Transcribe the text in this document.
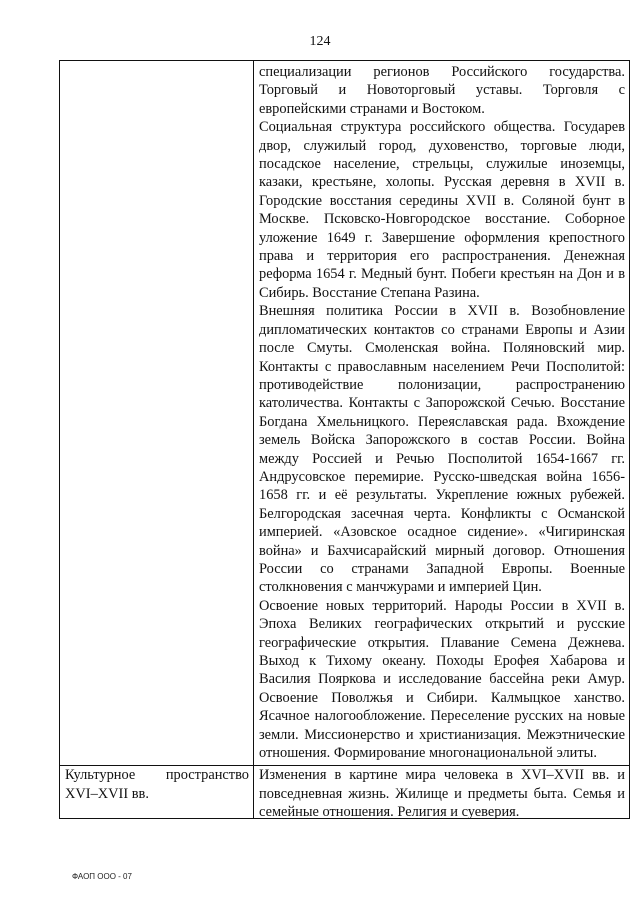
124

	специализации регионов Российского государства. Торговый и Новоторговый уставы. Торговля с европейскими странами и Востоком.

Социальная структура российского общества. Государев двор, служилый город, духовенство, торговые люди, посадское население, стрельцы, служилые иноземцы, казаки, крестьяне, холопы. Русская деревня в XVII в. Городские восстания середины XVII в. Соляной бунт в Москве. Псковско-Новгородское восстание. Соборное уложение 1649 г. Завершение оформления крепостного права и территория его распространения. Денежная реформа 1654 г. Медный бунт. Побеги крестьян на Дон и в Сибирь. Восстание Степана Разина.

Внешняя политика России в XVII в. Возобновление дипломатических контактов со странами Европы и Азии после Смуты. Смоленская война. Поляновский мир. Контакты с православным населением Речи Посполитой: противодействие полонизации, распространению католичества. Контакты с Запорожской Сечью. Восстание Богдана Хмельницкого. Переяславская рада. Вхождение земель Войска Запорожского в состав России. Война между Россией и Речью Посполитой 1654-1667 гг. Андрусовское перемирие. Русско-шведская война 1656-1658 гг. и её результаты. Укрепление южных рубежей. Белгородская засечная черта. Конфликты с Османской империей. «Азовское осадное сидение». «Чигиринская война» и Бахчисарайский мирный договор. Отношения России со странами Западной Европы. Военные столкновения с манчжурами и империей Цин.

Освоение новых территорий. Народы России в XVII в. Эпоха Великих географических открытий и русские географические открытия. Плавание Семена Дежнева. Выход к Тихому океану. Походы Ерофея Хабарова и Василия Пояркова и исследование бассейна реки Амур. Освоение Поволжья и Сибири. Калмыцкое ханство. Ясачное налогообложение. Переселение русских на новые земли. Миссионерство и христианизация. Межэтнические отношения. Формирование многонациональной элиты.

Культурное пространство XVI–XVII вв.	Изменения в картине мира человека в XVI–XVII вв. и повседневная жизнь. Жилище и предметы быта. Семья и семейные отношения. Религия и суеверия.

ФАОП ООО - 07
